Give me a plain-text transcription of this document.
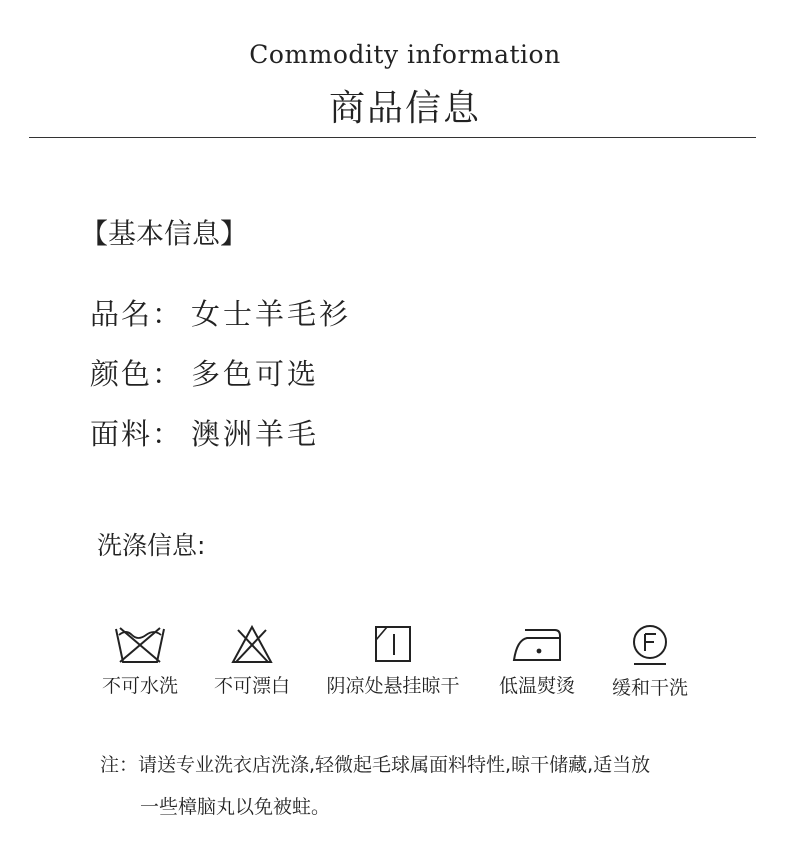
Commodity information
商品信息
【基本信息】
品名： 女士羊毛衫
颜色： 多色可选
面料： 澳洲羊毛
洗涤信息:
不可水洗	不可漂白	阴凉处悬挂晾干	低温熨烫	缓和干洗
注：请送专业洗衣店洗涤,轻微起毛球属面料特性,晾干储藏,适当放
一些樟脑丸以免被蛀。
